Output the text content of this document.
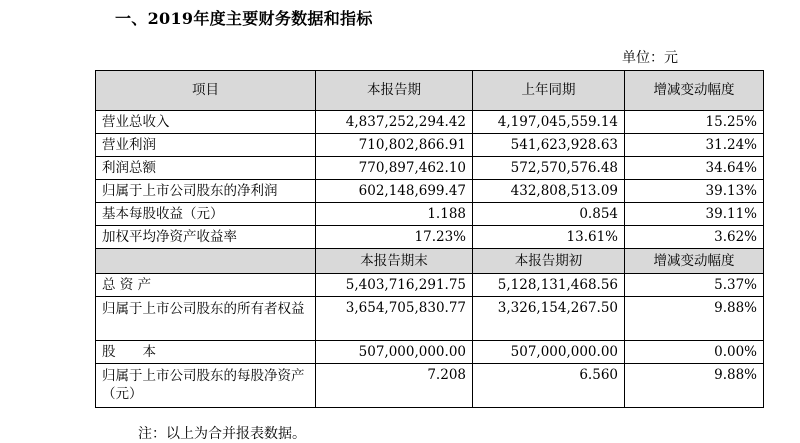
一、2019年度主要财务数据和指标
单位：元
项目	本报告期	上年同期	增减变动幅度
营业总收入	4,837,252,294.42	4,197,045,559.14	15.25%
营业利润	710,802,866.91	541,623,928.63	31.24%
利润总额	770,897,462.10	572,570,576.48	34.64%
归属于上市公司股东的净利润	602,148,699.47	432,808,513.09	39.13%
基本每股收益（元）	1.188	0.854	39.11%
加权平均净资产收益率	17.23%	13.61%	3.62%
	本报告期末	本报告期初	增减变动幅度
总 资 产	5,403,716,291.75	5,128,131,468.56	5.37%
归属于上市公司股东的所有者权益	3,654,705,830.77	3,326,154,267.50	9.88%
股　　本	507,000,000.00	507,000,000.00	0.00%
归属于上市公司股东的每股净资产（元）	7.208	6.560	9.88%
注：以上为合并报表数据。
